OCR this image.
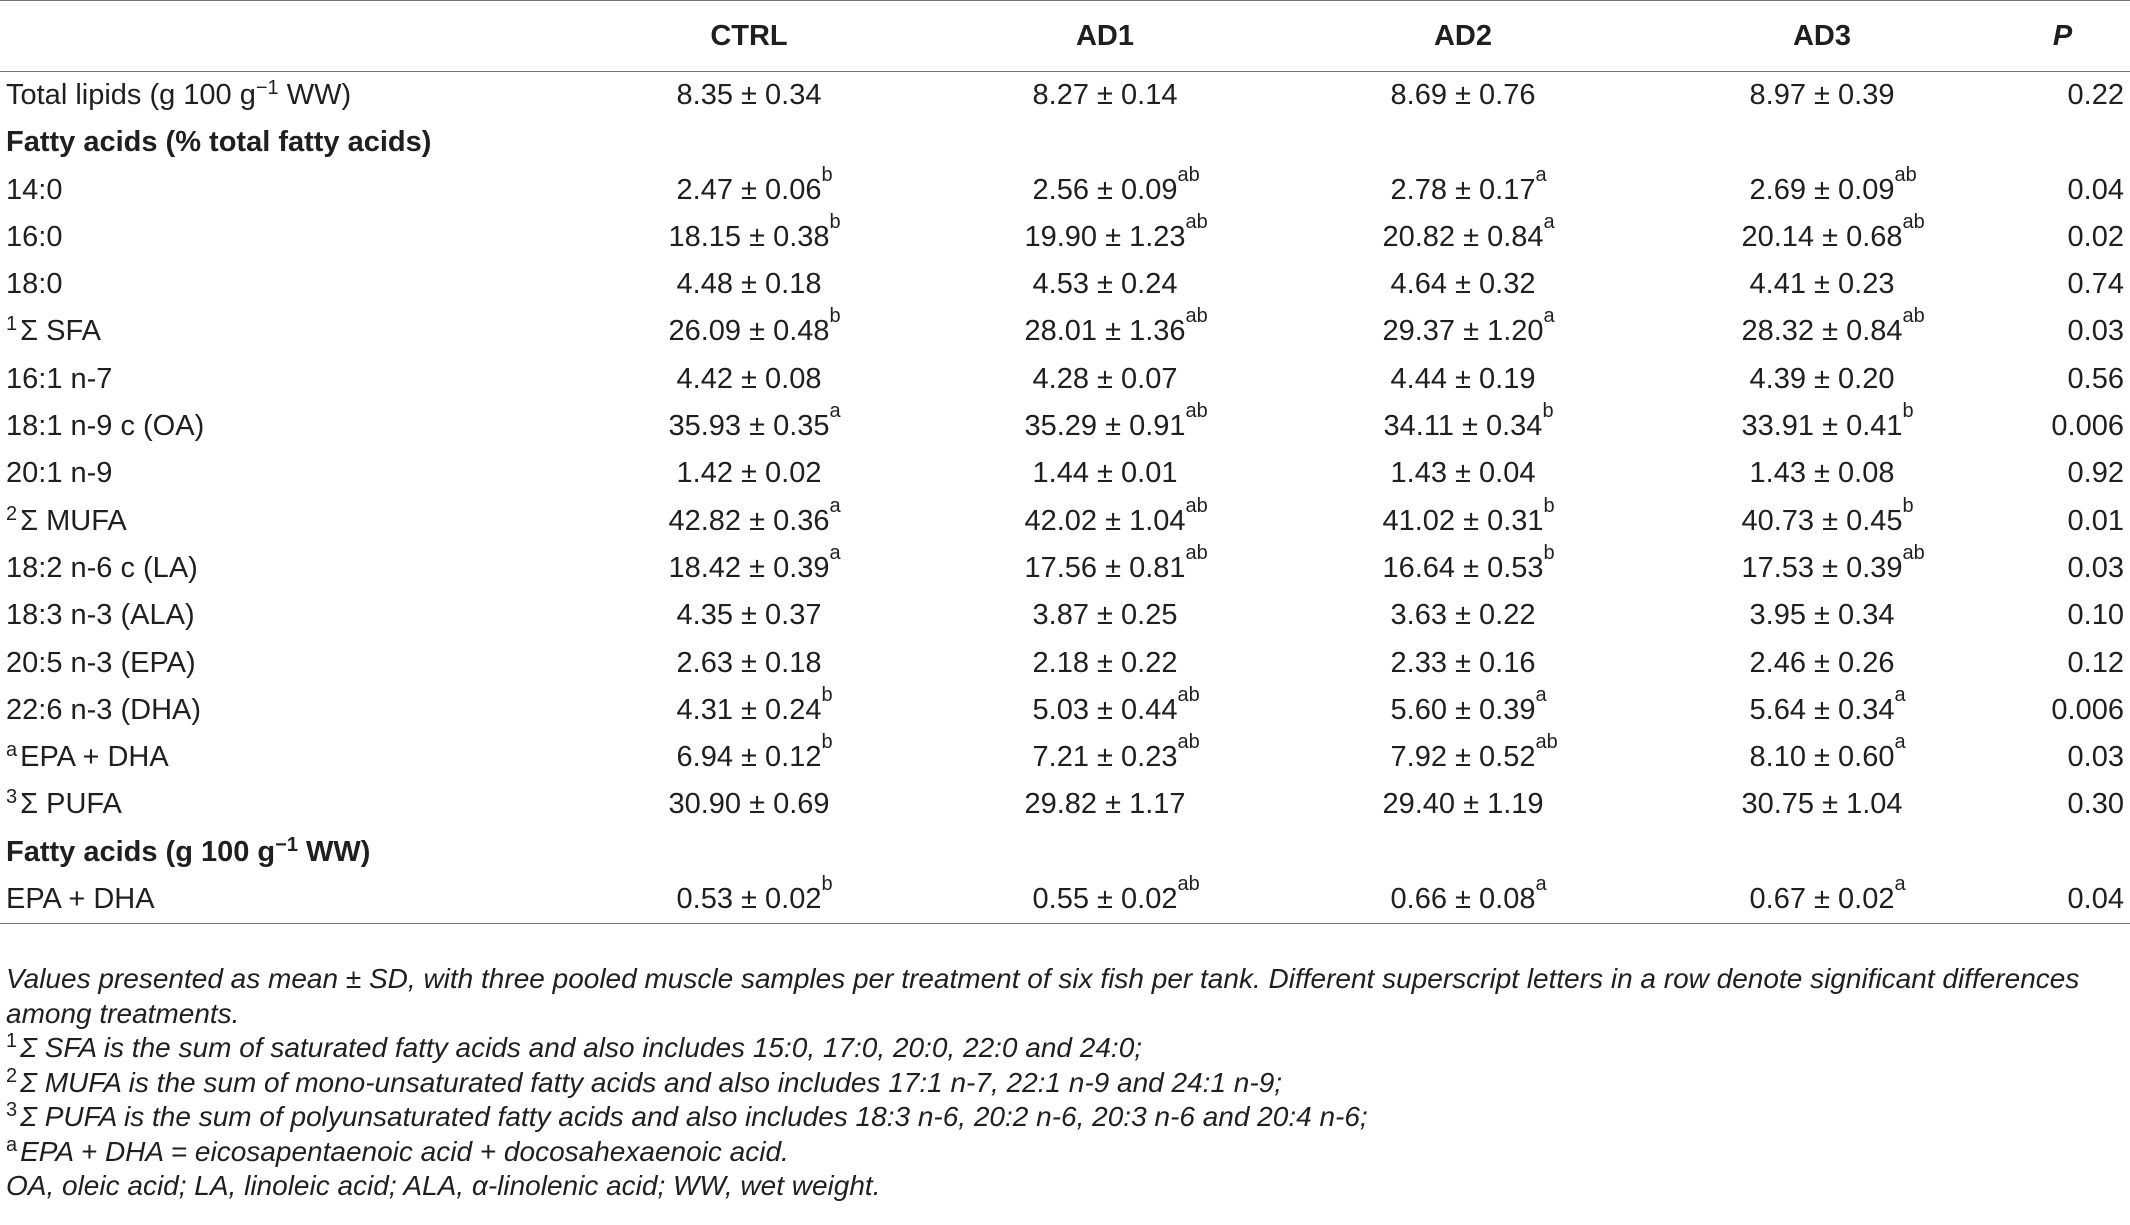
	CTRL	AD1	AD2	AD3	P
Total lipids (g 100 $g^{-1}$ WW)	8.35 ± 0.34	8.27 ± 0.14	8.69 ± 0.76	8.97 ± 0.39	0.22
Fatty acids (% total fatty acids)					
14:0	2.47 ± 0.06 b	2.56 ± 0.09 ab	2.78 ± 0.17 a	2.69 ± 0.09 ab	0.04
16:0	18.15 ± 0.38 b	19.90 ± 1.23 ab	20.82 ± 0.84 a	20.14 ± 0.68 ab	0.02
18:0	4.48 ± 0.18	4.53 ± 0.24	4.64 ± 0.32	4.41 ± 0.23	0.74
$^1$ Σ SFA	26.09 ± 0.48 b	28.01 ± 1.36 ab	29.37 ± 1.20 a	28.32 ± 0.84 ab	0.03
16:1 n-7	4.42 ± 0.08	4.28 ± 0.07	4.44 ± 0.19	4.39 ± 0.20	0.56
18:1 n-9 c (OA)	35.93 ± 0.35 a	35.29 ± 0.91 ab	34.11 ± 0.34 b	33.91 ± 0.41 b	0.006
20:1 n-9	1.42 ± 0.02	1.44 ± 0.01	1.43 ± 0.04	1.43 ± 0.08	0.92
$^2$ Σ MUFA	42.82 ± 0.36 a	42.02 ± 1.04 ab	41.02 ± 0.31 b	40.73 ± 0.45 b	0.01
18:2 n-6 c (LA)	18.42 ± 0.39 a	17.56 ± 0.81 ab	16.64 ± 0.53 b	17.53 ± 0.39 ab	0.03
18:3 n-3 (ALA)	4.35 ± 0.37	3.87 ± 0.25	3.63 ± 0.22	3.95 ± 0.34	0.10
20:5 n-3 (EPA)	2.63 ± 0.18	2.18 ± 0.22	2.33 ± 0.16	2.46 ± 0.26	0.12
22:6 n-3 (DHA)	4.31 ± 0.24 b	5.03 ± 0.44 ab	5.60 ± 0.39 a	5.64 ± 0.34 a	0.006
$^a$ EPA + DHA	6.94 ± 0.12 b	7.21 ± 0.23 ab	7.92 ± 0.52 ab	8.10 ± 0.60 a	0.03
$^3$ Σ PUFA	30.90 ± 0.69	29.82 ± 1.17	29.40 ± 1.19	30.75 ± 1.04	0.30
Fatty acids (g 100 $g^{-1}$ WW)					
EPA + DHA	0.53 ± 0.02 b	0.55 ± 0.02 ab	0.66 ± 0.08 a	0.67 ± 0.02 a	0.04

Values presented as mean ± SD, with three pooled muscle samples per treatment of six fish per tank. Different superscript letters in a row denote significant differences among treatments.

$^1$ Σ SFA is the sum of saturated fatty acids and also includes 15:0, 17:0, 20:0, 22:0 and 24:0;

$^2$ Σ MUFA is the sum of mono-unsaturated fatty acids and also includes 17:1 n-7, 22:1 n-9 and 24:1 n-9;

$^3$ Σ PUFA is the sum of polyunsaturated fatty acids and also includes 18:3 n-6, 20:2 n-6, 20:3 n-6 and 20:4 n-6;

$^a$ EPA + DHA = eicosapentaenoic acid + docosahexaenoic acid.

OA, oleic acid; LA, linoleic acid; ALA, α-linolenic acid; WW, wet weight.
